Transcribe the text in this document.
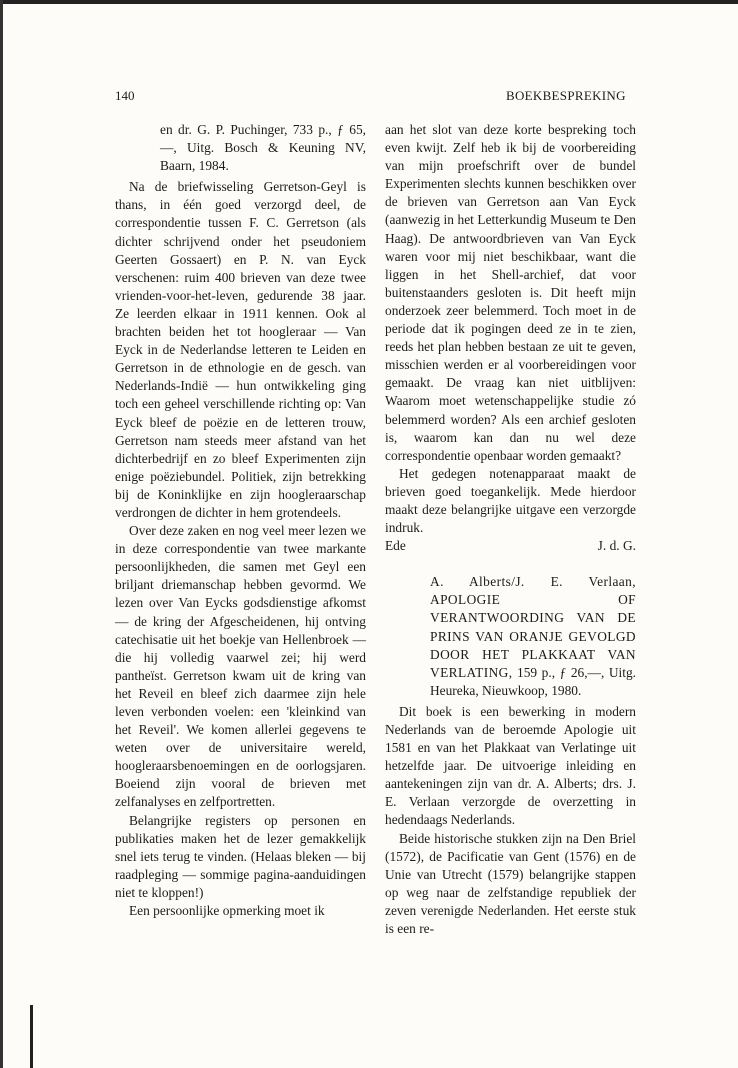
140	BOEKBESPREKING

en dr. G. P. Puchinger, 733 p., ƒ 65,—, Uitg. Bosch & Keuning NV, Baarn, 1984.

Na de briefwisseling Gerretson-Geyl is thans, in één goed verzorgd deel, de correspondentie tussen F. C. Gerretson (als dichter schrijvend onder het pseudoniem Geerten Gossaert) en P. N. van Eyck verschenen: ruim 400 brieven van deze twee vrienden-voor-het-leven, gedurende 38 jaar. Ze leerden elkaar in 1911 kennen. Ook al brachten beiden het tot hoogleraar — Van Eyck in de Nederlandse letteren te Leiden en Gerretson in de ethnologie en de gesch. van Nederlands-Indië — hun ontwikkeling ging toch een geheel verschillende richting op: Van Eyck bleef de poëzie en de letteren trouw, Gerretson nam steeds meer afstand van het dichterbedrijf en zo bleef Experimenten zijn enige poëziebundel. Politiek, zijn betrekking bij de Koninklijke en zijn hoogleraarschap verdrongen de dichter in hem grotendeels.

Over deze zaken en nog veel meer lezen we in deze correspondentie van twee markante persoonlijkheden, die samen met Geyl een briljant driemanschap hebben gevormd. We lezen over Van Eycks godsdienstige afkomst — de kring der Afgescheidenen, hij ontving catechisatie uit het boekje van Hellenbroek — die hij volledig vaarwel zei; hij werd pantheïst. Gerretson kwam uit de kring van het Reveil en bleef zich daarmee zijn hele leven verbonden voelen: een 'kleinkind van het Reveil'. We komen allerlei gegevens te weten over de universitaire wereld, hoogleraarsbenoemingen en de oorlogsjaren. Boeiend zijn vooral de brieven met zelfanalyses en zelfportretten.

Belangrijke registers op personen en publikaties maken het de lezer gemakkelijk snel iets terug te vinden. (Helaas bleken — bij raadpleging — sommige pagina-aanduidingen niet te kloppen!)

Een persoonlijke opmerking moet ik

aan het slot van deze korte bespreking toch even kwijt. Zelf heb ik bij de voorbereiding van mijn proefschrift over de bundel Experimenten slechts kunnen beschikken over de brieven van Gerretson aan Van Eyck (aanwezig in het Letterkundig Museum te Den Haag). De antwoordbrieven van Van Eyck waren voor mij niet beschikbaar, want die liggen in het Shell-archief, dat voor buitenstaanders gesloten is. Dit heeft mijn onderzoek zeer belemmerd. Toch moet in de periode dat ik pogingen deed ze in te zien, reeds het plan hebben bestaan ze uit te geven, misschien werden er al voorbereidingen voor gemaakt. De vraag kan niet uitblijven: Waarom moet wetenschappelijke studie zó belemmerd worden? Als een archief gesloten is, waarom kan dan nu wel deze correspondentie openbaar worden gemaakt?

Het gedegen notenapparaat maakt de brieven goed toegankelijk. Mede hierdoor maakt deze belangrijke uitgave een verzorgde indruk.

Ede	J. d. G.

A. Alberts/J. E. Verlaan, APOLOGIE OF VERANTWOORDING VAN DE PRINS VAN ORANJE GEVOLGD DOOR HET PLAKKAAT VAN VERLATING, 159 p., ƒ 26,—, Uitg. Heureka, Nieuwkoop, 1980.

Dit boek is een bewerking in modern Nederlands van de beroemde Apologie uit 1581 en van het Plakkaat van Verlatinge uit hetzelfde jaar. De uitvoerige inleiding en aantekeningen zijn van dr. A. Alberts; drs. J. E. Verlaan verzorgde de overzetting in hedendaags Nederlands.

Beide historische stukken zijn na Den Briel (1572), de Pacificatie van Gent (1576) en de Unie van Utrecht (1579) belangrijke stappen op weg naar de zelfstandige republiek der zeven verenigde Nederlanden. Het eerste stuk is een re-
